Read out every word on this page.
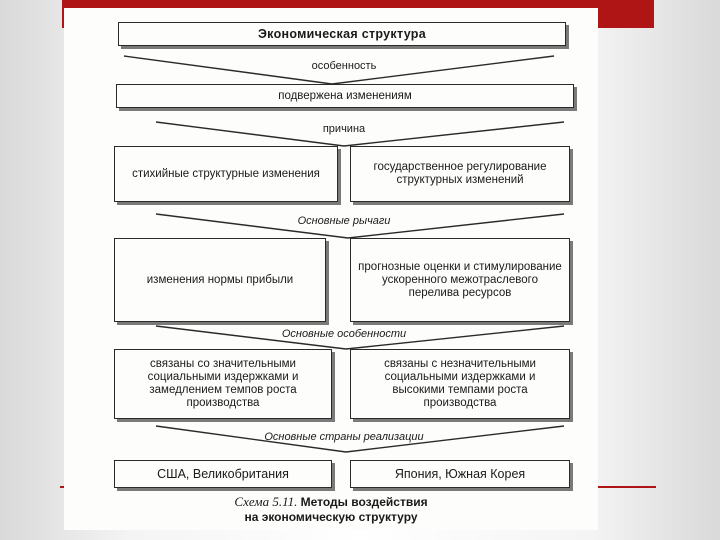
Экономическая структура
особенность
подвержена изменениям
причина
стихийные структурные изменения
государственное регулирование структурных изменений
Основные рычаги
изменения нормы прибыли
прогнозные оценки и стимулирование ускоренного межотраслевого перелива ресурсов
Основные особенности
связаны со значительными социальными издержками и замедлением темпов роста производства
связаны с незначительными социальными издержками и высокими темпами роста производства
Основные страны реализации
США, Великобритания	Япония, Южная Корея
Схема 5.11. Методы воздействия
на экономическую структуру
